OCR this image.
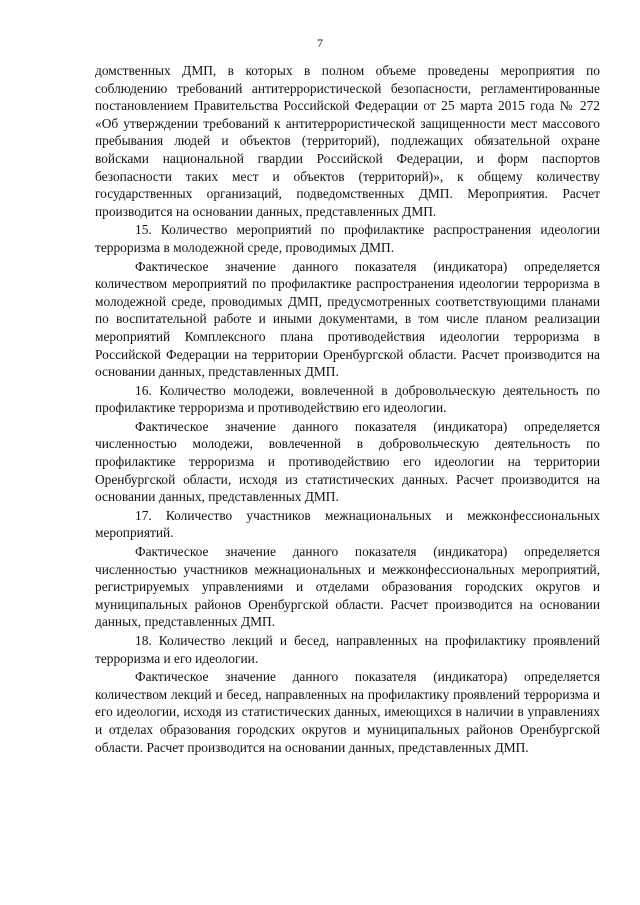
7

домственных ДМП, в которых в полном объеме проведены мероприятия по соблюдению требований антитеррористической безопасности, регламентированные постановлением Правительства Российской Федерации от 25 марта 2015 года № 272 «Об утверждении требований к антитеррористической защищенности мест массового пребывания людей и объектов (территорий), подлежащих обязательной охране войсками национальной гвардии Российской Федерации, и форм паспортов безопасности таких мест и объектов (территорий)», к общему количеству государственных организаций, подведомственных ДМП. Мероприятия. Расчет производится на основании данных, представленных ДМП.

15. Количество мероприятий по профилактике распространения идеологии терроризма в молодежной среде, проводимых ДМП.

Фактическое значение данного показателя (индикатора) определяется количеством мероприятий по профилактике распространения идеологии терроризма в молодежной среде, проводимых ДМП, предусмотренных соответствующими планами по воспитательной работе и иными документами, в том числе планом реализации мероприятий Комплексного плана противодействия идеологии терроризма в Российской Федерации на территории Оренбургской области. Расчет производится на основании данных, представленных ДМП.

16. Количество молодежи, вовлеченной в добровольческую деятельность по профилактике терроризма и противодействию его идеологии.

Фактическое значение данного показателя (индикатора) определяется численностью молодежи, вовлеченной в добровольческую деятельность по профилактике терроризма и противодействию его идеологии на территории Оренбургской области, исходя из статистических данных. Расчет производится на основании данных, представленных ДМП.

17. Количество участников межнациональных и межконфессиональных мероприятий.

Фактическое значение данного показателя (индикатора) определяется численностью участников межнациональных и межконфессиональных мероприятий, регистрируемых управлениями и отделами образования городских округов и муниципальных районов Оренбургской области. Расчет производится на основании данных, представленных ДМП.

18. Количество лекций и бесед, направленных на профилактику проявлений терроризма и его идеологии.

Фактическое значение данного показателя (индикатора) определяется количеством лекций и бесед, направленных на профилактику проявлений терроризма и его идеологии, исходя из статистических данных, имеющихся в наличии в управлениях и отделах образования городских округов и муниципальных районов Оренбургской области. Расчет производится на основании данных, представленных ДМП.
